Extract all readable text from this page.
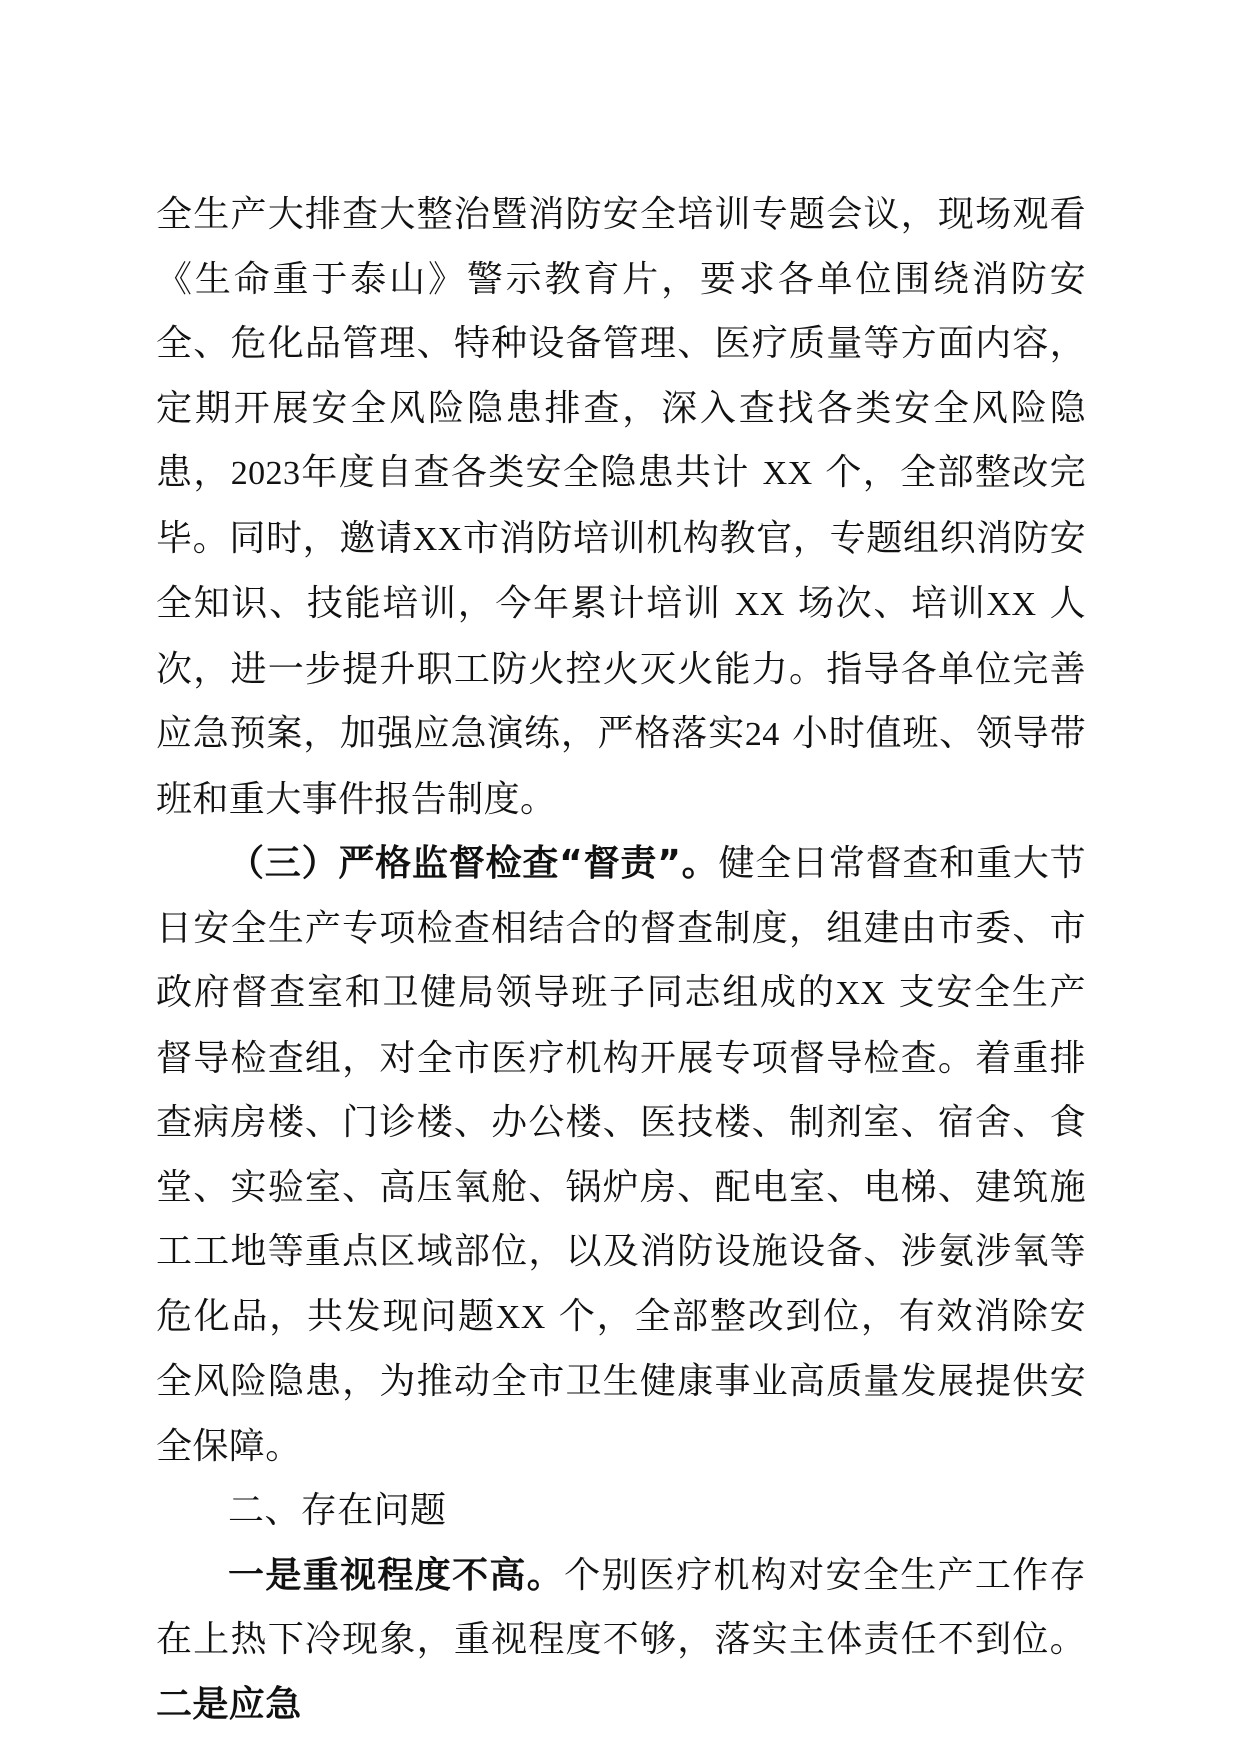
全生产大排查大整治暨消防安全培训专题会议，现场观看《生命重于泰山》警示教育片，要求各单位围绕消防安全、危化品管理、特种设备管理、医疗质量等方面内容，定期开展安全风险隐患排查，深入查找各类安全风险隐患，2023年度自查各类安全隐患共计 XX 个，全部整改完毕。同时，邀请XX市消防培训机构教官，专题组织消防安全知识、技能培训，今年累计培训 XX 场次、培训XX 人次，进一步提升职工防火控火灭火能力。指导各单位完善应急预案，加强应急演练，严格落实24 小时值班、领导带班和重大事件报告制度。

（三）严格监督检查“督责”。健全日常督查和重大节日安全生产专项检查相结合的督查制度，组建由市委、市政府督查室和卫健局领导班子同志组成的XX 支安全生产督导检查组，对全市医疗机构开展专项督导检查。着重排查病房楼、门诊楼、办公楼、医技楼、制剂室、宿舍、食堂、实验室、高压氧舱、锅炉房、配电室、电梯、建筑施工工地等重点区域部位，以及消防设施设备、涉氨涉氧等危化品，共发现问题XX 个，全部整改到位，有效消除安全风险隐患，为推动全市卫生健康事业高质量发展提供安全保障。

二、存在问题

一是重视程度不高。个别医疗机构对安全生产工作存在上热下冷现象，重视程度不够，落实主体责任不到位。二是应急
